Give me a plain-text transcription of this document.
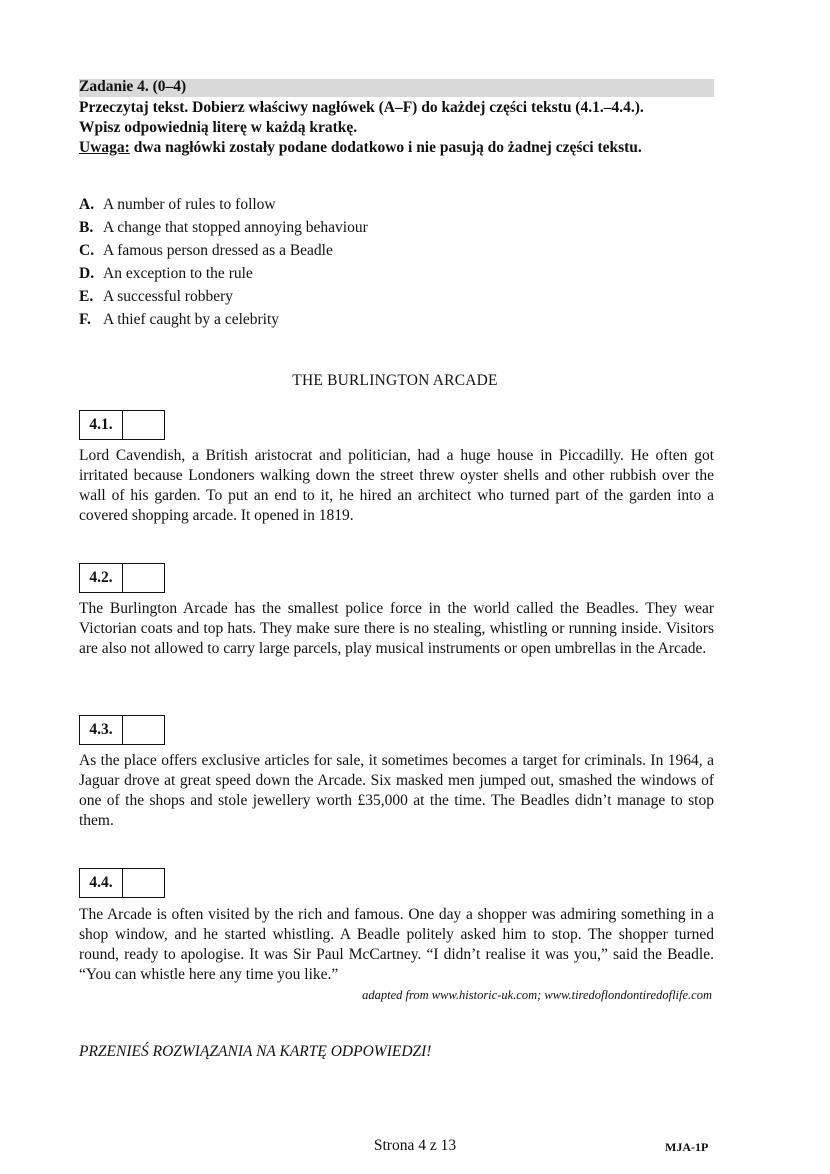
Zadanie 4. (0–4)
Przeczytaj tekst. Dobierz właściwy nagłówek (A–F) do każdej części tekstu (4.1.–4.4.).
Wpisz odpowiednią literę w każdą kratkę.
Uwaga: dwa nagłówki zostały podane dodatkowo i nie pasują do żadnej części tekstu.
A. A number of rules to follow
B. A change that stopped annoying behaviour
C. A famous person dressed as a Beadle
D. An exception to the rule
E. A successful robbery
F. A thief caught by a celebrity
THE BURLINGTON ARCADE
4.1.
Lord Cavendish, a British aristocrat and politician, had a huge house in Piccadilly. He often got irritated because Londoners walking down the street threw oyster shells and other rubbish over the wall of his garden. To put an end to it, he hired an architect who turned part of the garden into a covered shopping arcade. It opened in 1819.
4.2.
The Burlington Arcade has the smallest police force in the world called the Beadles. They wear Victorian coats and top hats. They make sure there is no stealing, whistling or running inside. Visitors are also not allowed to carry large parcels, play musical instruments or open umbrellas in the Arcade.
4.3.
As the place offers exclusive articles for sale, it sometimes becomes a target for criminals. In 1964, a Jaguar drove at great speed down the Arcade. Six masked men jumped out, smashed the windows of one of the shops and stole jewellery worth £35,000 at the time. The Beadles didn’t manage to stop them.
4.4.
The Arcade is often visited by the rich and famous. One day a shopper was admiring something in a shop window, and he started whistling. A Beadle politely asked him to stop. The shopper turned round, ready to apologise. It was Sir Paul McCartney. “I didn’t realise it was you,” said the Beadle. “You can whistle here any time you like.”
adapted from www.historic-uk.com; www.tiredoflondontiredoflife.com
PRZENIEŚ ROZWIĄZANIA NA KARTĘ ODPOWIEDZI!
Strona 4 z 13	MJA-1P
